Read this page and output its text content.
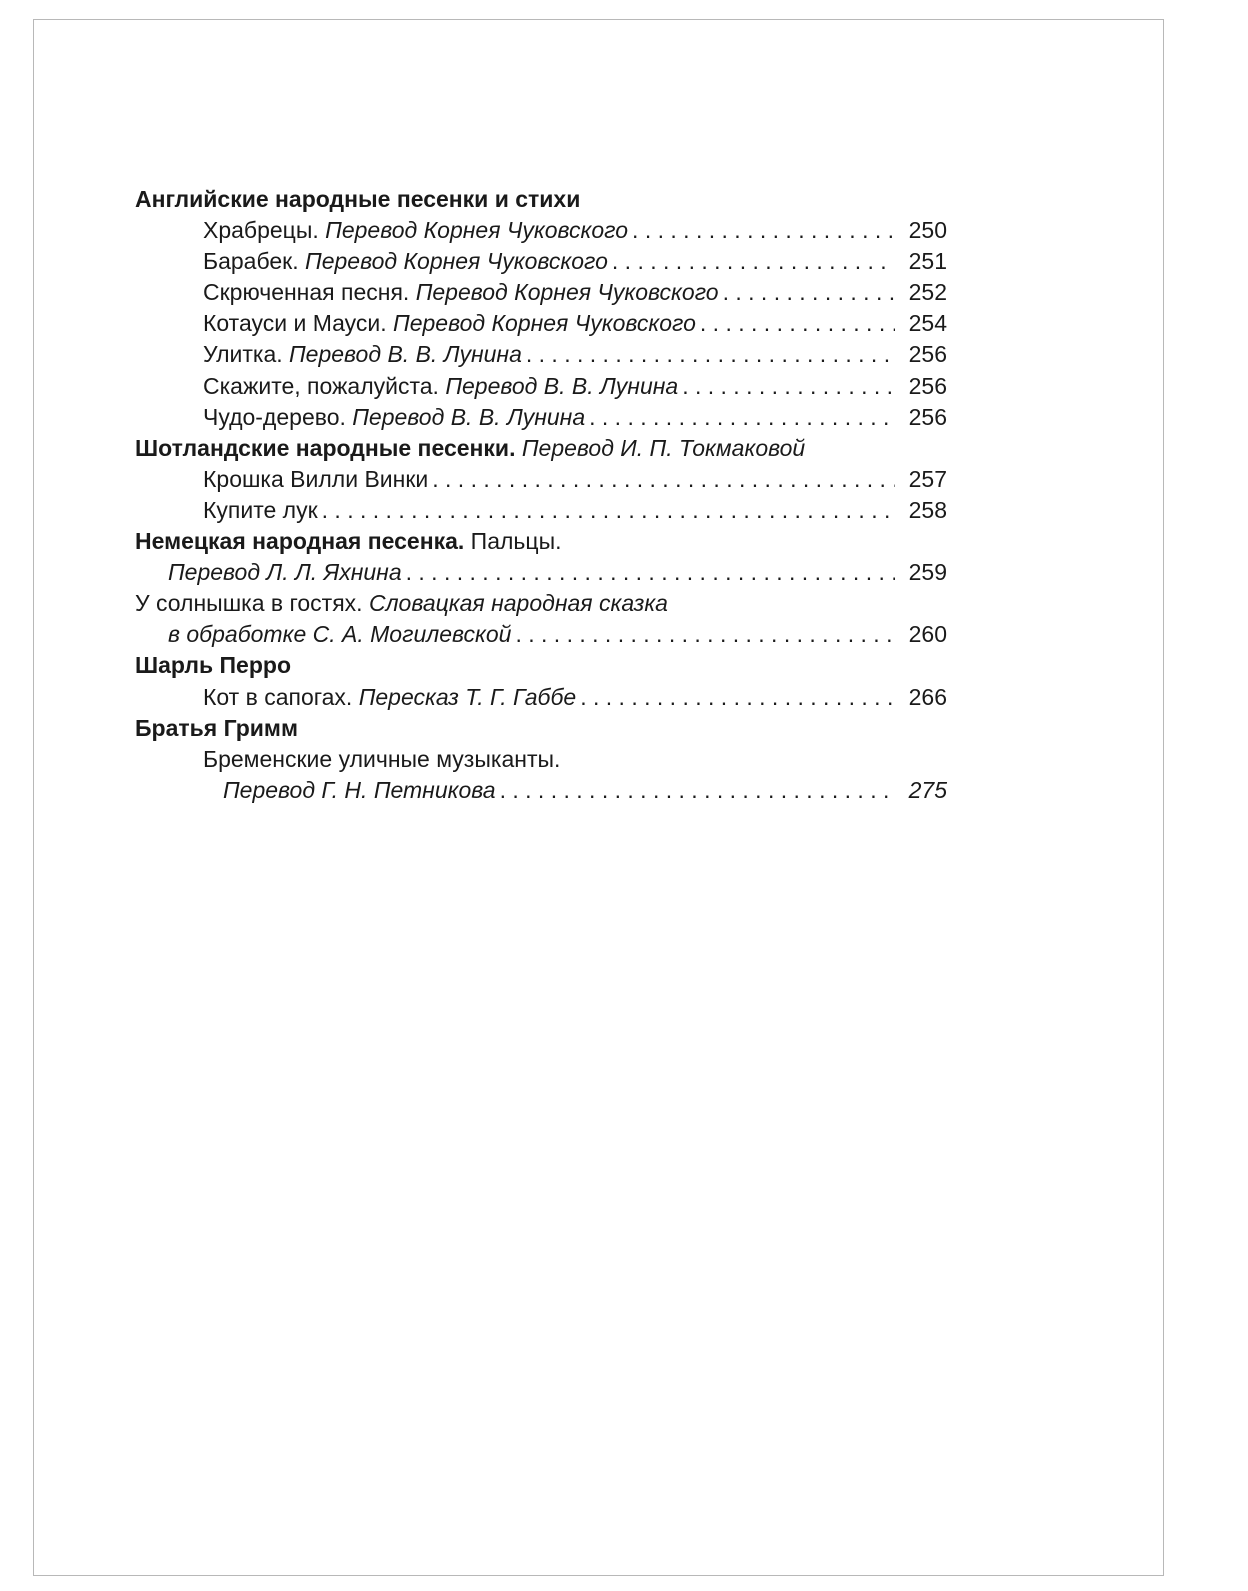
Английские народные песенки и стихи
Храбрецы. Перевод Корнея Чуковского . . .	250
Барабек. Перевод Корнея Чуковского . . .	251
Скрюченная песня. Перевод Корнея Чуковского . . .	252
Котауси и Мауси. Перевод Корнея Чуковского . . .	254
Улитка. Перевод В. В. Лунина . . .	256
Скажите, пожалуйста. Перевод В. В. Лунина . . .	256
Чудо-дерево. Перевод В. В. Лунина . . .	256
Шотландские народные песенки. Перевод И. П. Токмаковой
Крошка Вилли Винки . . .	257
Купите лук . . .	258
Немецкая народная песенка. Пальцы.
Перевод Л. Л. Яхнина . . .	259
У солнышка в гостях. Словацкая народная сказка
в обработке С. А. Могилевской . . .	260
Шарль Перро
Кот в сапогах. Пересказ Т. Г. Габбе . . .	266
Братья Гримм
Бременские уличные музыканты.
Перевод Г. Н. Петникова . . .	275
